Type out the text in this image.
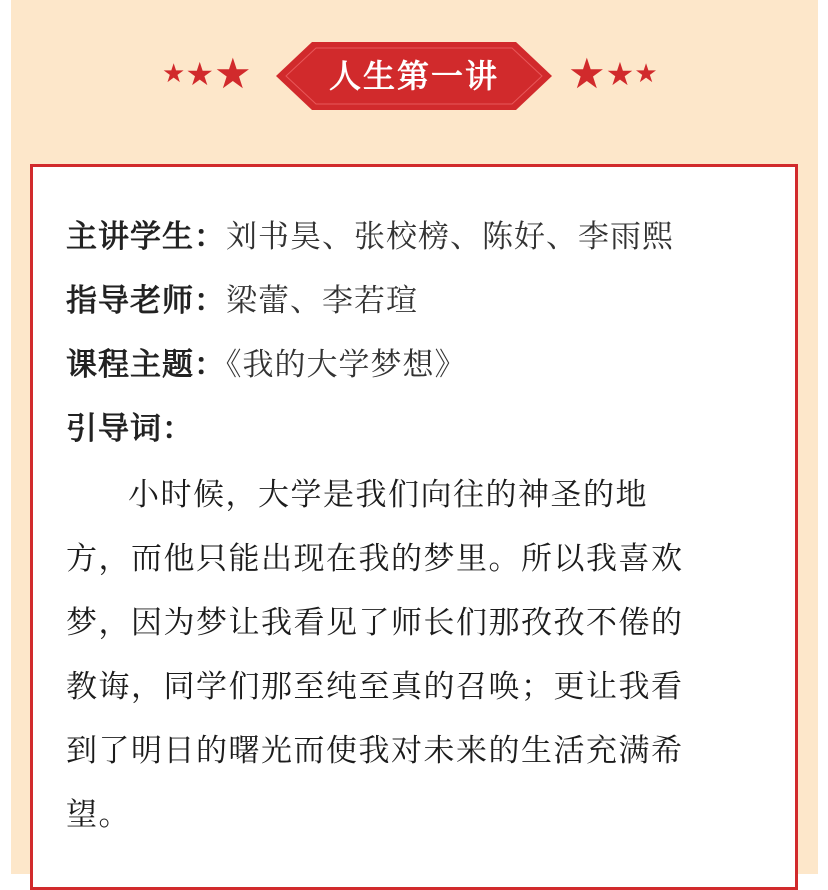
★ ★ ★	人生第一讲	★ ★ ★
主讲学生：刘书昊、张校榜、陈好、李雨熙
指导老师：梁蕾、李若瑄
课程主题：《我的大学梦想》
引导词：
小时候，大学是我们向往的神圣的地
方，而他只能出现在我的梦里。所以我喜欢
梦，因为梦让我看见了师长们那孜孜不倦的
教诲，同学们那至纯至真的召唤；更让我看
到了明日的曙光而使我对未来的生活充满希
望。
